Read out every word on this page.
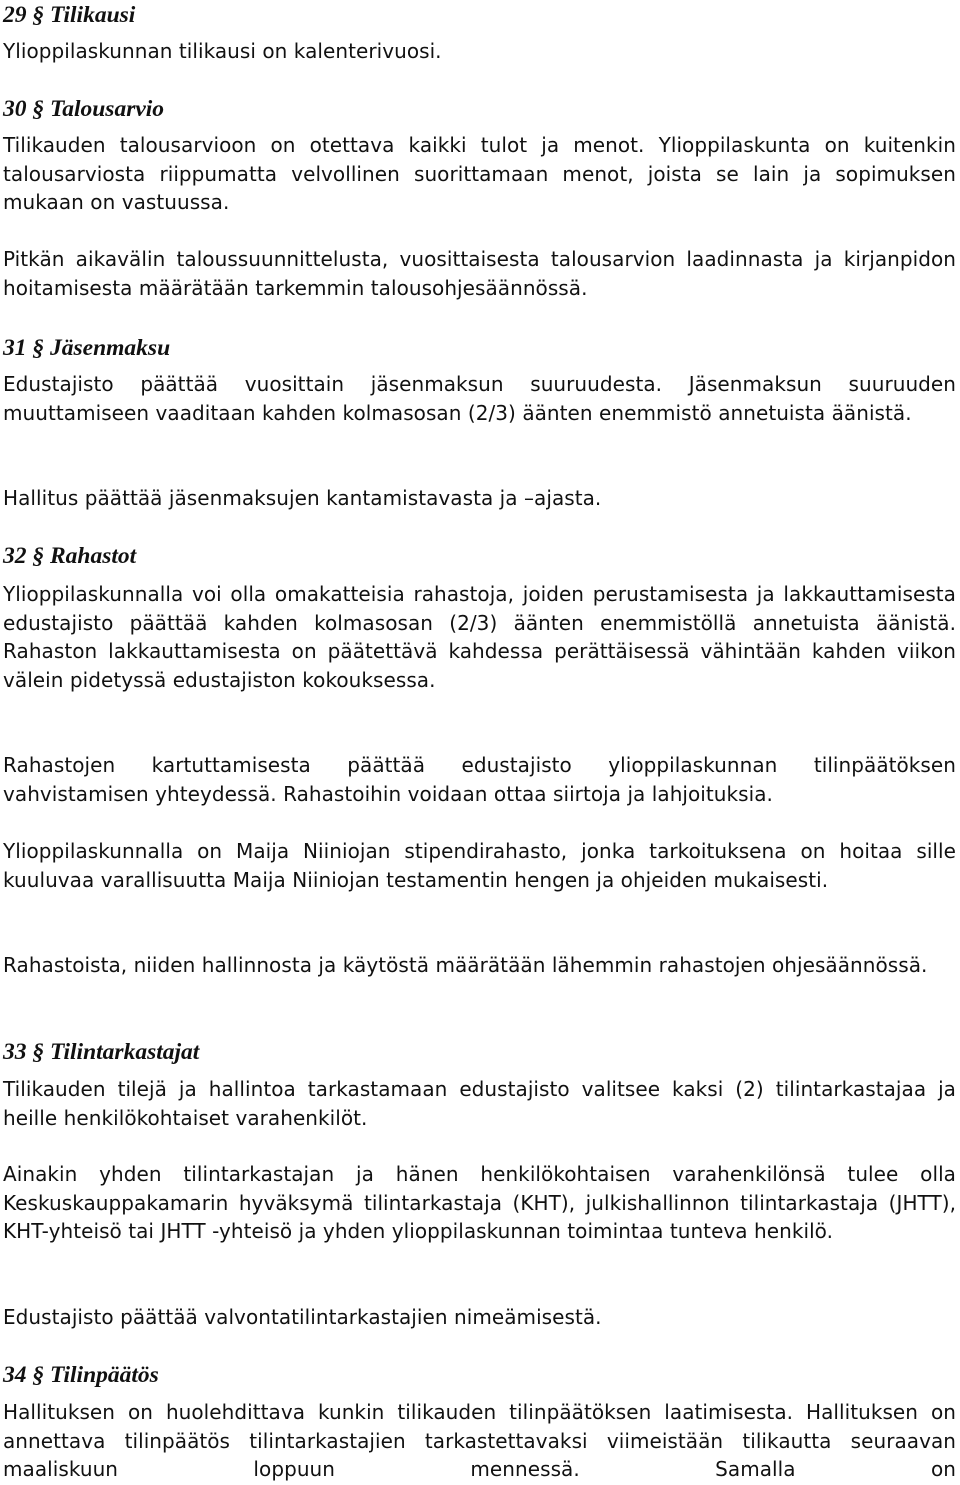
29 § Tilikausi

Ylioppilaskunnan tilikausi on kalenterivuosi.

30 § Talousarvio

Tilikauden talousarvioon on otettava kaikki tulot ja menot. Ylioppilaskunta on kuitenkin talousarviosta riippumatta velvollinen suorittamaan menot, joista se lain ja sopimuksen mukaan on vastuussa.

Pitkän aikavälin taloussuunnittelusta, vuosittaisesta talousarvion laadinnasta ja kirjanpidon hoitamisesta määrätään tarkemmin talousohjesäännössä.

31 § Jäsenmaksu

Edustajisto päättää vuosittain jäsenmaksun suuruudesta. Jäsenmaksun suuruuden muuttamiseen vaaditaan kahden kolmasosan (2/3) äänten enemmistö annetuista äänistä.

Hallitus päättää jäsenmaksujen kantamistavasta ja –ajasta.

32 § Rahastot

Ylioppilaskunnalla voi olla omakatteisia rahastoja, joiden perustamisesta ja lakkauttamisesta edustajisto päättää kahden kolmasosan (2/3) äänten enemmistöllä annetuista äänistä. Rahaston lakkauttamisesta on päätettävä kahdessa perättäisessä vähintään kahden viikon välein pidetyssä edustajiston kokouksessa.

Rahastojen kartuttamisesta päättää edustajisto ylioppilaskunnan tilinpäätöksen vahvistamisen yhteydessä. Rahastoihin voidaan ottaa siirtoja ja lahjoituksia.

Ylioppilaskunnalla on Maija Niiniojan stipendirahasto, jonka tarkoituksena on hoitaa sille kuuluvaa varallisuutta Maija Niiniojan testamentin hengen ja ohjeiden mukaisesti.

Rahastoista, niiden hallinnosta ja käytöstä määrätään lähemmin rahastojen ohjesäännössä.

33 § Tilintarkastajat

Tilikauden tilejä ja hallintoa tarkastamaan edustajisto valitsee kaksi (2) tilintarkastajaa ja heille henkilökohtaiset varahenkilöt.

Ainakin yhden tilintarkastajan ja hänen henkilökohtaisen varahenkilönsä tulee olla Keskuskauppakamarin hyväksymä tilintarkastaja (KHT), julkishallinnon tilintarkastaja (JHTT), KHT-yhteisö tai JHTT -yhteisö ja yhden ylioppilaskunnan toimintaa tunteva henkilö.

Edustajisto päättää valvontatilintarkastajien nimeämisestä.

34 § Tilinpäätös

Hallituksen on huolehdittava kunkin tilikauden tilinpäätöksen laatimisesta. Hallituksen on annettava tilinpäätös tilintarkastajien tarkastettavaksi viimeistään tilikautta seuraavan maaliskuun loppuun mennessä. Samalla on
